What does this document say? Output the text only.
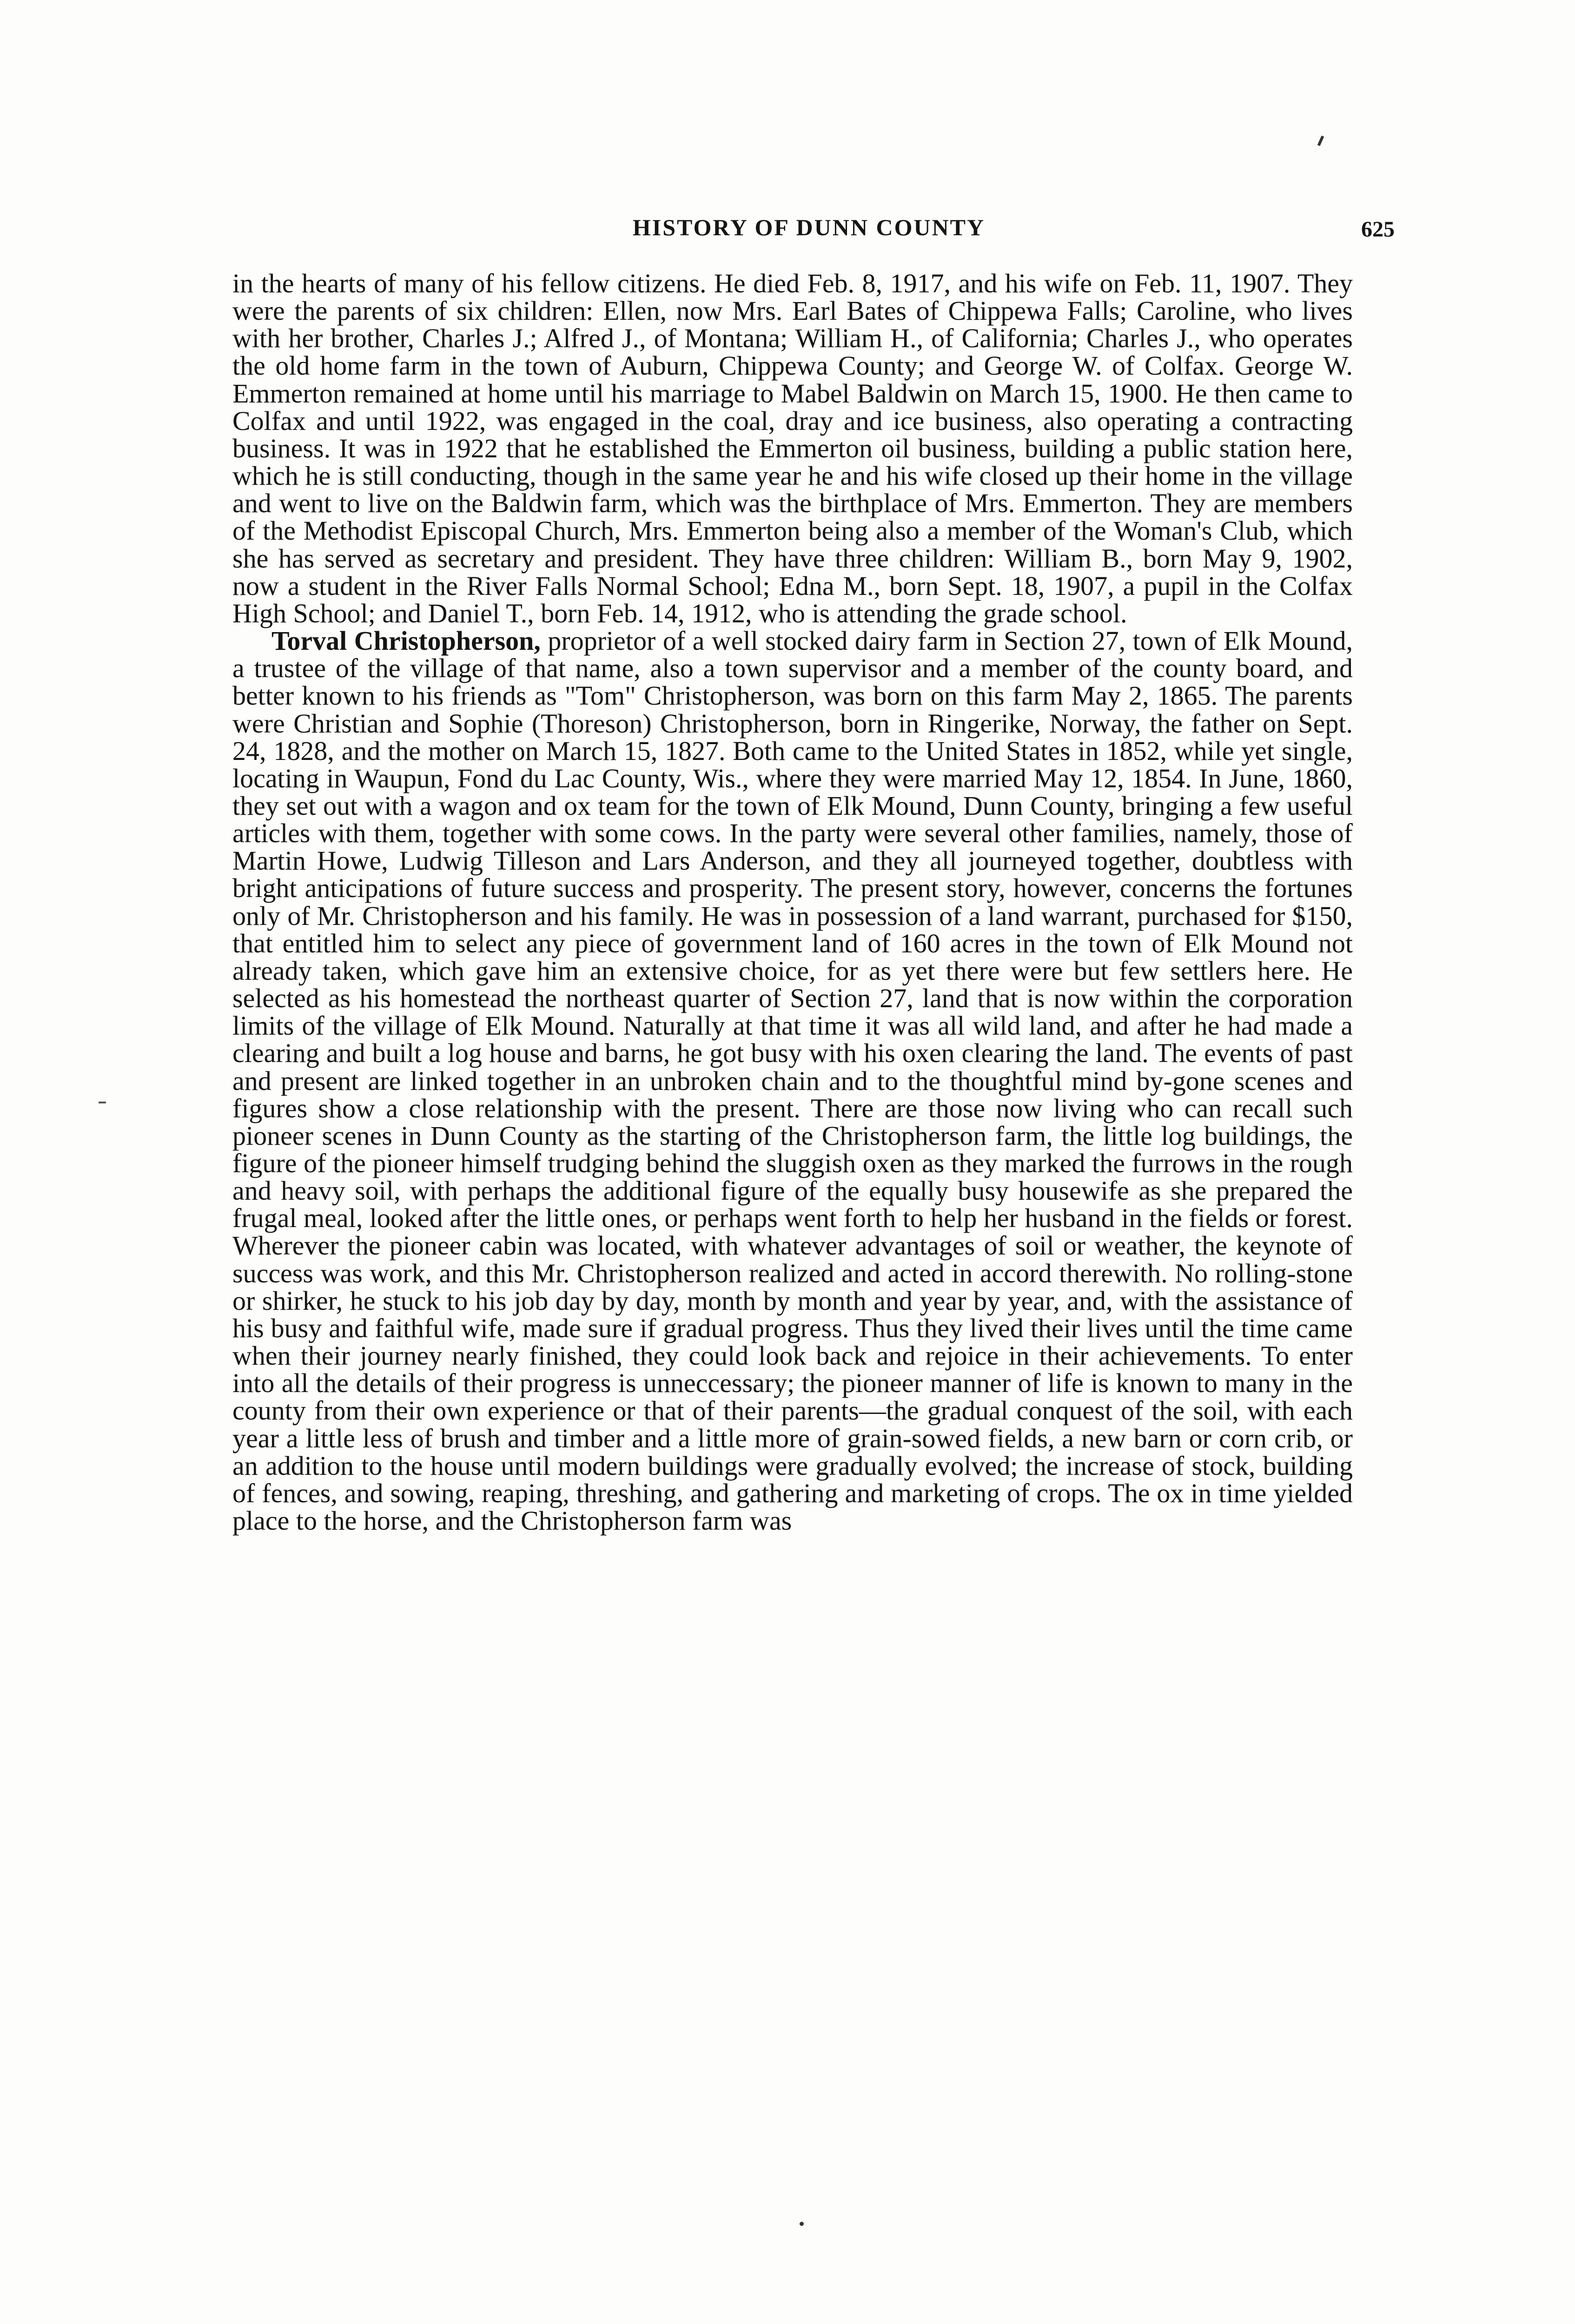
HISTORY OF DUNN COUNTY	625

in the hearts of many of his fellow citizens. He died Feb. 8, 1917, and his wife on Feb. 11, 1907. They were the parents of six children: Ellen, now Mrs. Earl Bates of Chippewa Falls; Caroline, who lives with her brother, Charles J.; Alfred J., of Montana; William H., of California; Charles J., who operates the old home farm in the town of Auburn, Chippewa County; and George W. of Colfax. George W. Emmerton remained at home until his marriage to Mabel Baldwin on March 15, 1900. He then came to Colfax and until 1922, was engaged in the coal, dray and ice business, also operating a contracting business. It was in 1922 that he established the Emmerton oil business, building a public station here, which he is still conducting, though in the same year he and his wife closed up their home in the village and went to live on the Baldwin farm, which was the birthplace of Mrs. Emmerton. They are members of the Methodist Episcopal Church, Mrs. Emmerton being also a member of the Woman's Club, which she has served as secretary and president. They have three children: William B., born May 9, 1902, now a student in the River Falls Normal School; Edna M., born Sept. 18, 1907, a pupil in the Colfax High School; and Daniel T., born Feb. 14, 1912, who is attending the grade school.

Torval Christopherson, proprietor of a well stocked dairy farm in Section 27, town of Elk Mound, a trustee of the village of that name, also a town supervisor and a member of the county board, and better known to his friends as "Tom" Christopherson, was born on this farm May 2, 1865. The parents were Christian and Sophie (Thoreson) Christopherson, born in Ringerike, Norway, the father on Sept. 24, 1828, and the mother on March 15, 1827. Both came to the United States in 1852, while yet single, locating in Waupun, Fond du Lac County, Wis., where they were married May 12, 1854. In June, 1860, they set out with a wagon and ox team for the town of Elk Mound, Dunn County, bringing a few useful articles with them, together with some cows. In the party were several other families, namely, those of Martin Howe, Ludwig Tilleson and Lars Anderson, and they all journeyed together, doubtless with bright anticipations of future success and prosperity. The present story, however, concerns the fortunes only of Mr. Christopherson and his family. He was in possession of a land warrant, purchased for $150, that entitled him to select any piece of government land of 160 acres in the town of Elk Mound not already taken, which gave him an extensive choice, for as yet there were but few settlers here. He selected as his homestead the northeast quarter of Section 27, land that is now within the corporation limits of the village of Elk Mound. Naturally at that time it was all wild land, and after he had made a clearing and built a log house and barns, he got busy with his oxen clearing the land. The events of past and present are linked together in an unbroken chain and to the thoughtful mind by-gone scenes and figures show a close relationship with the present. There are those now living who can recall such pioneer scenes in Dunn County as the starting of the Christopherson farm, the little log buildings, the figure of the pioneer himself trudging behind the sluggish oxen as they marked the furrows in the rough and heavy soil, with perhaps the additional figure of the equally busy housewife as she prepared the frugal meal, looked after the little ones, or perhaps went forth to help her husband in the fields or forest. Wherever the pioneer cabin was located, with whatever advantages of soil or weather, the keynote of success was work, and this Mr. Christopherson realized and acted in accord therewith. No rolling-stone or shirker, he stuck to his job day by day, month by month and year by year, and, with the assistance of his busy and faithful wife, made sure if gradual progress. Thus they lived their lives until the time came when their journey nearly finished, they could look back and rejoice in their achievements. To enter into all the details of their progress is unneccessary; the pioneer manner of life is known to many in the county from their own experience or that of their parents—the gradual conquest of the soil, with each year a little less of brush and timber and a little more of grain-sowed fields, a new barn or corn crib, or an addition to the house until modern buildings were gradually evolved; the increase of stock, building of fences, and sowing, reaping, threshing, and gathering and marketing of crops. The ox in time yielded place to the horse, and the Christopherson farm was
